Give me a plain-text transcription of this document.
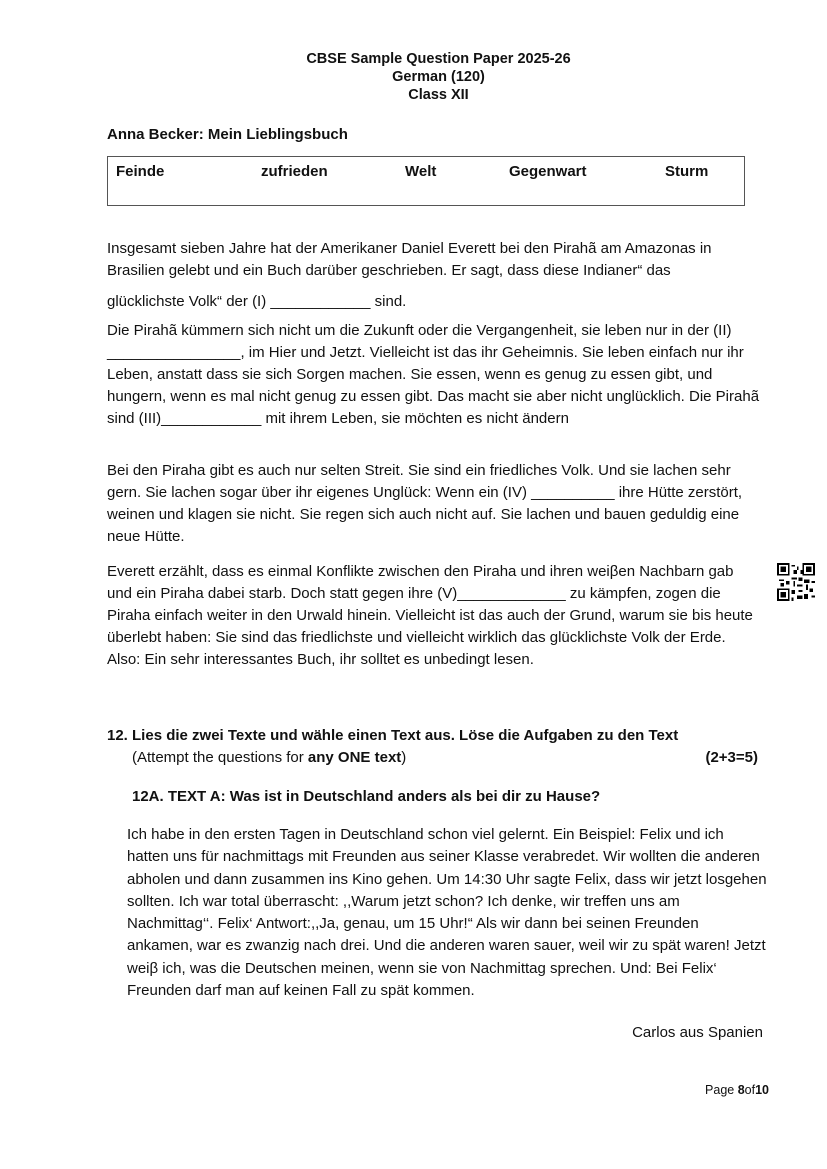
CBSE Sample Question Paper 2025-26
German (120)
Class XII
Anna Becker: Mein Lieblingsbuch
Feinde	zufrieden	Welt	Gegenwart	Sturm
Insgesamt sieben Jahre hat der Amerikaner Daniel Everett bei den Pirahã am Amazonas in Brasilien gelebt und ein Buch darüber geschrieben. Er sagt, dass diese Indianer“ das
glücklichste Volk“ der (I) ____________ sind.
Die Pirahã kümmern sich nicht um die Zukunft oder die Vergangenheit, sie leben nur in der (II) ________________, im Hier und Jetzt. Vielleicht ist das ihr Geheimnis. Sie leben einfach nur ihr Leben, anstatt dass sie sich Sorgen machen. Sie essen, wenn es genug zu essen gibt, und hungern, wenn es mal nicht genug zu essen gibt. Das macht sie aber nicht unglücklich. Die Pirahã sind (III)____________ mit ihrem Leben, sie möchten es nicht ändern
Bei den Piraha gibt es auch nur selten Streit. Sie sind ein friedliches Volk. Und sie lachen sehr gern. Sie lachen sogar über ihr eigenes Unglück: Wenn ein (IV) __________ ihre Hütte zerstört, weinen und klagen sie nicht. Sie regen sich auch nicht auf. Sie lachen und bauen geduldig eine neue Hütte.
Everett erzählt, dass es einmal Konflikte zwischen den Piraha und ihren weiβen Nachbarn gab und ein Piraha dabei starb. Doch statt gegen ihre (V)_____________ zu kämpfen, zogen die Piraha einfach weiter in den Urwald hinein. Vielleicht ist das auch der Grund, warum sie bis heute überlebt haben: Sie sind das friedlichste und vielleicht wirklich das glücklichste Volk der Erde. Also: Ein sehr interessantes Buch, ihr solltet es unbedingt lesen.
12. Lies die zwei Texte und wähle einen Text aus. Löse die Aufgaben zu den Text
(Attempt the questions for any ONE text)	(2+3=5)
12A. TEXT A: Was ist in Deutschland anders als bei dir zu Hause?
Ich habe in den ersten Tagen in Deutschland schon viel gelernt. Ein Beispiel: Felix und ich hatten uns für nachmittags mit Freunden aus seiner Klasse verabredet. Wir wollten die anderen abholen und dann zusammen ins Kino gehen. Um 14:30 Uhr sagte Felix, dass wir jetzt losgehen sollten. Ich war total überrascht: ,,Warum jetzt schon? Ich denke, wir treffen uns am Nachmittag‘‘. Felix‘ Antwort:,,Ja, genau, um 15 Uhr!“ Als wir dann bei seinen Freunden ankamen, war es zwanzig nach drei. Und die anderen waren sauer, weil wir zu spät waren! Jetzt weiβ ich, was die Deutschen meinen, wenn sie von Nachmittag sprechen. Und: Bei Felix‘ Freunden darf man auf keinen Fall zu spät kommen.
Carlos aus Spanien
Page 8of10
